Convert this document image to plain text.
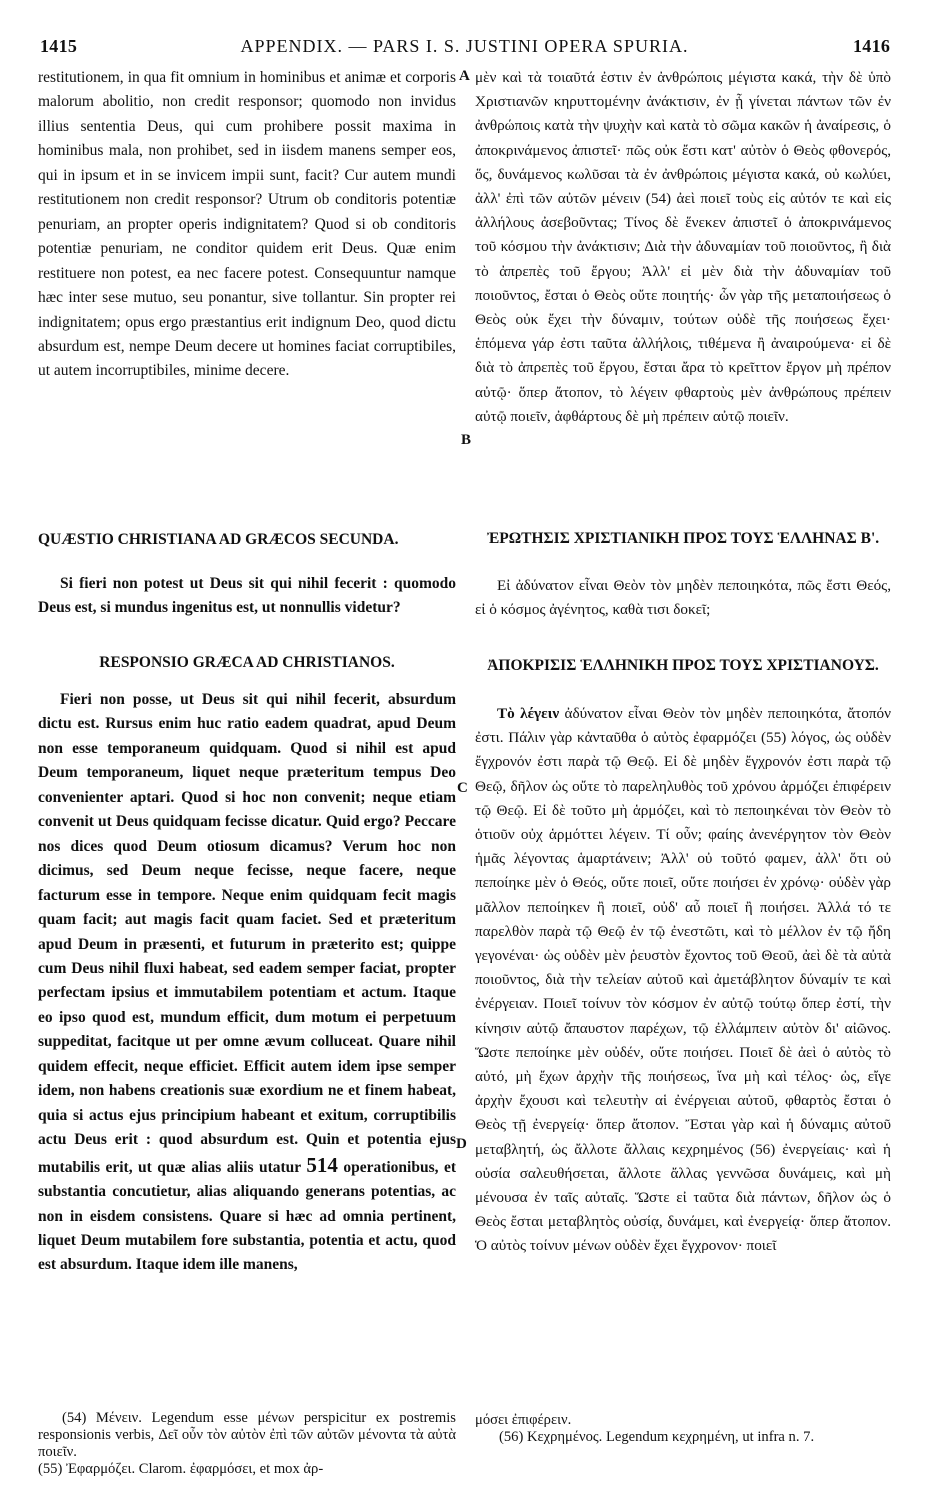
1415	APPENDIX. — PARS I. S. JUSTINI OPERA SPURIA.	1416
A
B
C
D

restitutionem, in qua fit omnium in hominibus et animæ et corporis malorum abolitio, non credit responsor; quomodo non invidus illius sententia Deus, qui cum prohibere possit maxima in hominibus mala, non prohibet, sed in iisdem manens semper eos, qui in ipsum et in se invicem impii sunt, facit? Cur autem mundi restitutionem non credit responsor? Utrum ob conditoris potentiæ penuriam, an propter operis indignitatem? Quod si ob conditoris potentiæ penuriam, ne conditor quidem erit Deus. Quæ enim restituere non potest, ea nec facere potest. Consequuntur namque hæc inter sese mutuo, seu ponantur, sive tollantur. Sin propter rei indignitatem; opus ergo præstantius erit indignum Deo, quod dictu absurdum est, nempe Deum decere ut homines faciat corruptibiles, ut autem incorruptibiles, minime decere.

QUÆSTIO CHRISTIANA AD GRÆCOS SECUNDA.

Si fieri non potest ut Deus sit qui nihil fecerit : quomodo Deus est, si mundus ingenitus est, ut nonnullis videtur?

RESPONSIO GRÆCA AD CHRISTIANOS.

Fieri non posse, ut Deus sit qui nihil fecerit, absurdum dictu est. Rursus enim huc ratio eadem quadrat, apud Deum non esse temporaneum quidquam. Quod si nihil est apud Deum temporaneum, liquet neque præteritum tempus Deo convenienter aptari. Quod si hoc non convenit; neque etiam convenit ut Deus quidquam fecisse dicatur. Quid ergo? Peccare nos dices quod Deum otiosum dicamus? Verum hoc non dicimus, sed Deum neque fecisse, neque facere, neque facturum esse in tempore. Neque enim quidquam fecit magis quam facit; aut magis facit quam faciet. Sed et præteritum apud Deum in præsenti, et futurum in præterito est; quippe cum Deus nihil fluxi habeat, sed eadem semper faciat, propter perfectam ipsius et immutabilem potentiam et actum. Itaque eo ipso quod est, mundum efficit, dum motum ei perpetuum suppeditat, facitque ut per omne ævum colluceat. Quare nihil quidem effecit, neque efficiet. Efficit autem idem ipse semper idem, non habens creationis suæ exordium ne et finem habeat, quia si actus ejus principium habeant et exitum, corruptibilis actu Deus erit : quod absurdum est. Quin et potentia ejus mutabilis erit, ut quæ alias aliis utatur 514 operationibus, et substantia concutietur, alias aliquando generans potentias, ac non in eisdem consistens. Quare si hæc ad omnia pertinent, liquet Deum mutabilem fore substantia, potentia et actu, quod est absurdum. Itaque idem ille manens,

μὲν καὶ τὰ τοιαῦτά ἐστιν ἐν ἀνθρώποις μέγιστα κακά, τὴν δὲ ὑπὸ Χριστιανῶν κηρυττομένην ἀνάκτισιν, ἐν ᾗ γίνεται πάντων τῶν ἐν ἀνθρώποις κατὰ τὴν ψυχὴν καὶ κατὰ τὸ σῶμα κακῶν ἡ ἀναίρεσις, ὁ ἀποκρινάμενος ἀπιστεῖ· πῶς οὐκ ἔστι κατ' αὐτὸν ὁ Θεὸς φθονερός, ὅς, δυνάμενος κωλῦσαι τὰ ἐν ἀνθρώποις μέγιστα κακά, οὐ κωλύει, ἀλλ' ἐπὶ τῶν αὐτῶν μένειν (54) ἀεὶ ποιεῖ τοὺς εἰς αὐτόν τε καὶ εἰς ἀλλήλους ἀσεβοῦντας; Τίνος δὲ ἕνεκεν ἀπιστεῖ ὁ ἀποκρινάμενος τοῦ κόσμου τὴν ἀνάκτισιν; Διὰ τὴν ἀδυναμίαν τοῦ ποιοῦντος, ἢ διὰ τὸ ἀπρεπὲς τοῦ ἔργου; Ἀλλ' εἰ μὲν διὰ τὴν ἀδυναμίαν τοῦ ποιοῦντος, ἔσται ὁ Θεὸς οὔτε ποιητής· ὧν γὰρ τῆς μεταποιήσεως ὁ Θεὸς οὐκ ἔχει τὴν δύναμιν, τούτων οὐδὲ τῆς ποιήσεως ἔχει· ἑπόμενα γάρ ἐστι ταῦτα ἀλλήλοις, τιθέμενα ἢ ἀναιρούμενα· εἰ δὲ διὰ τὸ ἀπρεπὲς τοῦ ἔργου, ἔσται ἄρα τὸ κρεῖττον ἔργον μὴ πρέπον αὐτῷ· ὅπερ ἄτοπον, τὸ λέγειν φθαρτοὺς μὲν ἀνθρώπους πρέπειν αὐτῷ ποιεῖν, ἀφθάρτους δὲ μὴ πρέπειν αὐτῷ ποιεῖν.

ἘΡΩΤΗΣΙΣ ΧΡΙΣΤΙΑΝΙΚΗ ΠΡΟΣ ΤΟΥΣ ἙΛΛΗΝΑΣ Β'.

Εἰ ἀδύνατον εἶναι Θεὸν τὸν μηδὲν πεποιηκότα, πῶς ἔστι Θεός, εἰ ὁ κόσμος ἀγένητος, καθὰ τισι δοκεῖ;

ἈΠΟΚΡΙΣΙΣ ἙΛΛΗΝΙΚΗ ΠΡΟΣ ΤΟΥΣ ΧΡΙΣΤΙΑΝΟΥΣ.

Τὸ λέγειν ἀδύνατον εἶναι Θεὸν τὸν μηδὲν πεποιηκότα, ἄτοπόν ἐστι. Πάλιν γὰρ κἀνταῦθα ὁ αὐτὸς ἐφαρμόζει (55) λόγος, ὡς οὐδὲν ἔγχρονόν ἐστι παρὰ τῷ Θεῷ. Εἰ δὲ μηδὲν ἔγχρονόν ἐστι παρὰ τῷ Θεῷ, δῆλον ὡς οὔτε τὸ παρεληλυθὸς τοῦ χρόνου ἁρμόζει ἐπιφέρειν τῷ Θεῷ. Εἰ δὲ τοῦτο μὴ ἁρμόζει, καὶ τὸ πεποιηκέναι τὸν Θεὸν τὸ ὁτιοῦν οὐχ ἁρμόττει λέγειν. Τί οὖν; φαίης ἀνενέργητον τὸν Θεὸν ἡμᾶς λέγοντας ἁμαρτάνειν; Ἀλλ' οὐ τοῦτό φαμεν, ἀλλ' ὅτι οὐ πεποίηκε μὲν ὁ Θεός, οὔτε ποιεῖ, οὔτε ποιήσει ἐν χρόνῳ· οὐδὲν γὰρ μᾶλλον πεποίηκεν ἢ ποιεῖ, οὐδ' αὖ ποιεῖ ἢ ποιήσει. Ἀλλά τό τε παρελθὸν παρὰ τῷ Θεῷ ἐν τῷ ἐνεστῶτι, καὶ τὸ μέλλον ἐν τῷ ἤδη γεγονέναι· ὡς οὐδὲν μὲν ῥευστὸν ἔχοντος τοῦ Θεοῦ, ἀεὶ δὲ τὰ αὐτὰ ποιοῦντος, διὰ τὴν τελείαν αὐτοῦ καὶ ἀμετάβλητον δύναμίν τε καὶ ἐνέργειαν. Ποιεῖ τοίνυν τὸν κόσμον ἐν αὐτῷ τούτῳ ὅπερ ἐστί, τὴν κίνησιν αὐτῷ ἄπαυστον παρέχων, τῷ ἐλλάμπειν αὐτὸν δι' αἰῶνος. Ὥστε πεποίηκε μὲν οὐδέν, οὔτε ποιήσει. Ποιεῖ δὲ ἀεὶ ὁ αὐτὸς τὸ αὐτό, μὴ ἔχων ἀρχὴν τῆς ποιήσεως, ἵνα μὴ καὶ τέλος· ὡς, εἴγε ἀρχὴν ἔχουσι καὶ τελευτὴν αἱ ἐνέργειαι αὐτοῦ, φθαρτὸς ἔσται ὁ Θεὸς τῇ ἐνεργείᾳ· ὅπερ ἄτοπον. Ἔσται γὰρ καὶ ἡ δύναμις αὐτοῦ μεταβλητή, ὡς ἄλλοτε ἄλλαις κεχρημένος (56) ἐνεργείαις· καὶ ἡ οὐσία σαλευθήσεται, ἄλλοτε ἄλλας γεννῶσα δυνάμεις, καὶ μὴ μένουσα ἐν ταῖς αὐταῖς. Ὥστε εἰ ταῦτα διὰ πάντων, δῆλον ὡς ὁ Θεὸς ἔσται μεταβλητὸς οὐσίᾳ, δυνάμει, καὶ ἐνεργείᾳ· ὅπερ ἄτοπον. Ὁ αὐτὸς τοίνυν μένων οὐδὲν ἔχει ἔγχρονον· ποιεῖ

(54) Μένειν. Legendum esse μένων perspicitur ex postremis responsionis verbis, Δεῖ οὖν τὸν αὐτὸν ἐπὶ τῶν αὐτῶν μένοντα τὰ αὐτὰ ποιεῖν.

(55) Ἐφαρμόζει. Clarom. ἐφαρμόσει, et mox ἀρ-

μόσει ἐπιφέρειν.

(56) Κεχρημένος. Legendum κεχρημένη, ut infra n. 7.
